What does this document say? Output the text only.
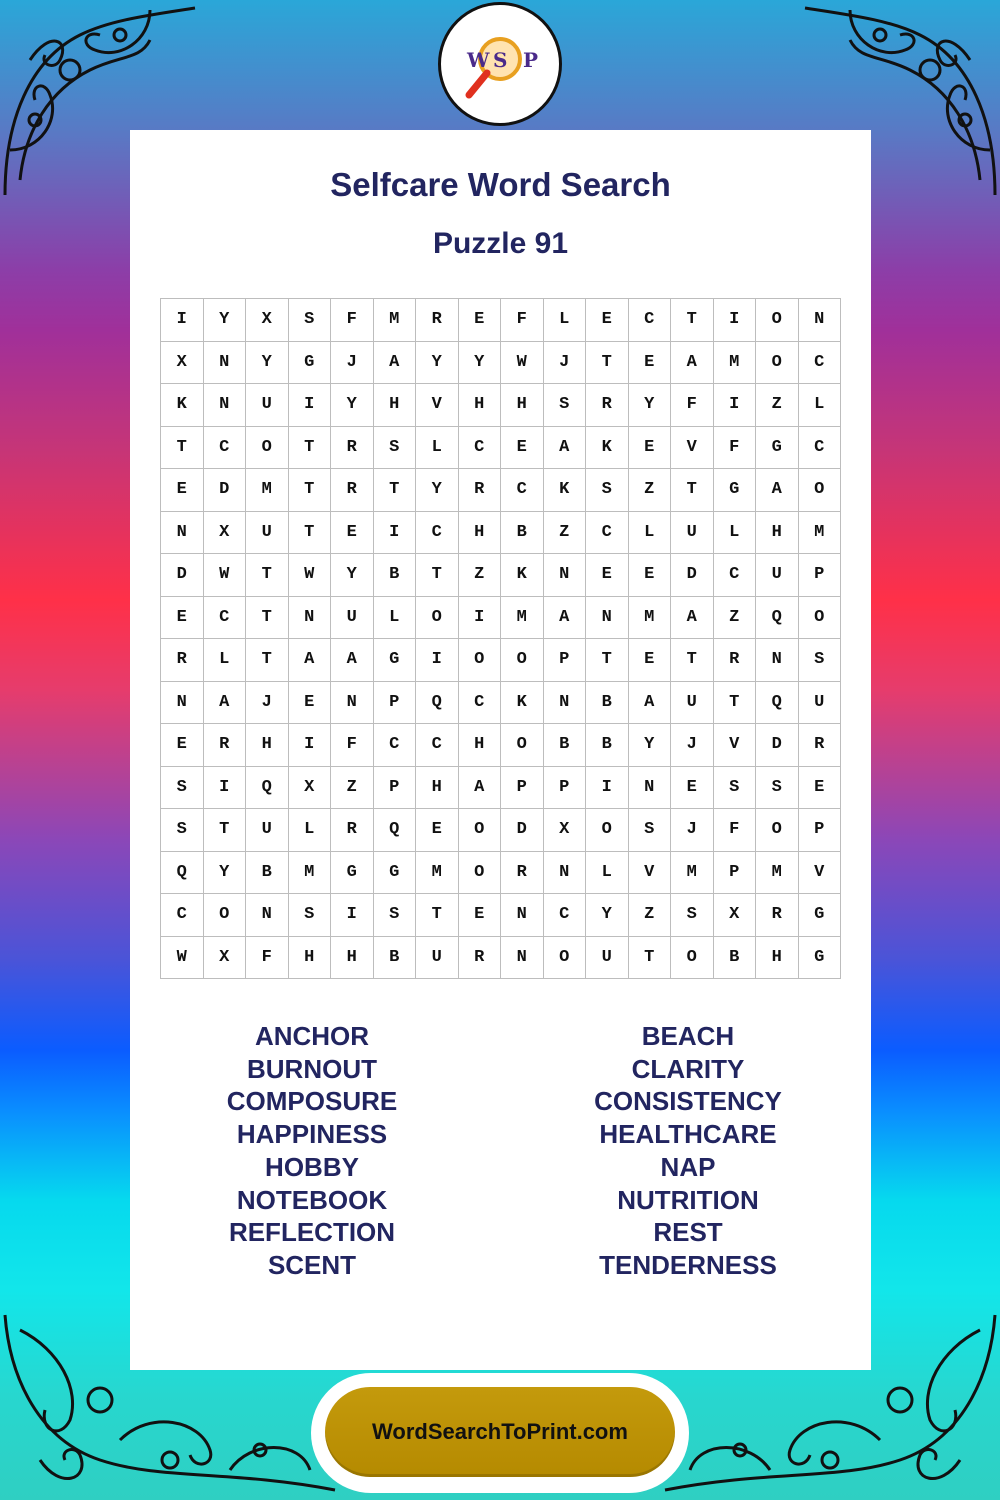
W S P
Selfcare Word Search
Puzzle 91
I	Y	X	S	F	M	R	E	F	L	E	C	T	I	O	N
X	N	Y	G	J	A	Y	Y	W	J	T	E	A	M	O	C
K	N	U	I	Y	H	V	H	H	S	R	Y	F	I	Z	L
T	C	O	T	R	S	L	C	E	A	K	E	V	F	G	C
E	D	M	T	R	T	Y	R	C	K	S	Z	T	G	A	O
N	X	U	T	E	I	C	H	B	Z	C	L	U	L	H	M
D	W	T	W	Y	B	T	Z	K	N	E	E	D	C	U	P
E	C	T	N	U	L	O	I	M	A	N	M	A	Z	Q	O
R	L	T	A	A	G	I	O	O	P	T	E	T	R	N	S
N	A	J	E	N	P	Q	C	K	N	B	A	U	T	Q	U
E	R	H	I	F	C	C	H	O	B	B	Y	J	V	D	R
S	I	Q	X	Z	P	H	A	P	P	I	N	E	S	S	E
S	T	U	L	R	Q	E	O	D	X	O	S	J	F	O	P
Q	Y	B	M	G	G	M	O	R	N	L	V	M	P	M	V
C	O	N	S	I	S	T	E	N	C	Y	Z	S	X	R	G
W	X	F	H	H	B	U	R	N	O	U	T	O	B	H	G
ANCHOR
BURNOUT
COMPOSURE
HAPPINESS
HOBBY
NOTEBOOK
REFLECTION
SCENT
BEACH
CLARITY
CONSISTENCY
HEALTHCARE
NAP
NUTRITION
REST
TENDERNESS
WordSearchToPrint.com
